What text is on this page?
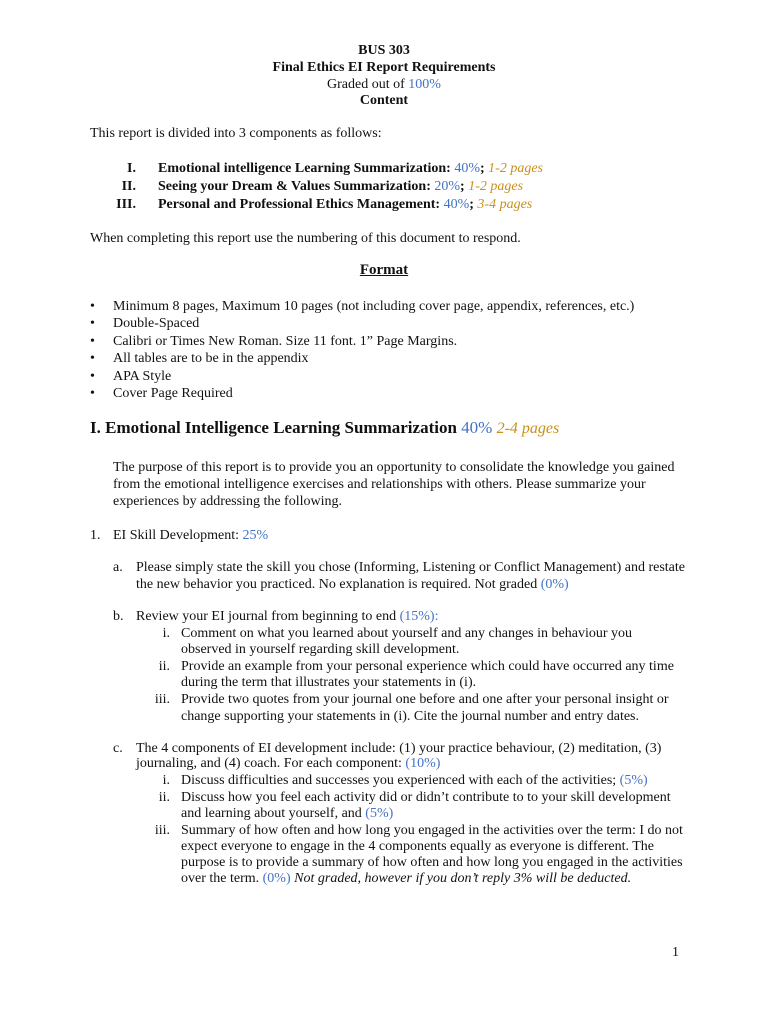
BUS 303
Final Ethics EI Report Requirements
Graded out of 100%
Content
This report is divided into 3 components as follows:
I. Emotional intelligence Learning Summarization: 40%; 1-2 pages
II. Seeing your Dream & Values Summarization: 20%; 1-2 pages
III. Personal and Professional Ethics Management: 40%; 3-4 pages
When completing this report use the numbering of this document to respond.
Format
• Minimum 8 pages, Maximum 10 pages (not including cover page, appendix, references, etc.)
• Double-Spaced
• Calibri or Times New Roman. Size 11 font. 1” Page Margins.
• All tables are to be in the appendix
• APA Style
• Cover Page Required
I. Emotional Intelligence Learning Summarization 40% 2-4 pages
The purpose of this report is to provide you an opportunity to consolidate the knowledge you gained
from the emotional intelligence exercises and relationships with others. Please summarize your
experiences by addressing the following.
1. EI Skill Development: 25%
a. Please simply state the skill you chose (Informing, Listening or Conflict Management) and restate
the new behavior you practiced. No explanation is required. Not graded (0%)
b. Review your EI journal from beginning to end (15%):
i. Comment on what you learned about yourself and any changes in behaviour you
observed in yourself regarding skill development.
ii. Provide an example from your personal experience which could have occurred any time
during the term that illustrates your statements in (i).
iii. Provide two quotes from your journal one before and one after your personal insight or
change supporting your statements in (i). Cite the journal number and entry dates.
c. The 4 components of EI development include: (1) your practice behaviour, (2) meditation, (3)
journaling, and (4) coach. For each component: (10%)
i. Discuss difficulties and successes you experienced with each of the activities; (5%)
ii. Discuss how you feel each activity did or didn’t contribute to to your skill development
and learning about yourself, and (5%)
iii. Summary of how often and how long you engaged in the activities over the term: I do not
expect everyone to engage in the 4 components equally as everyone is different. The
purpose is to provide a summary of how often and how long you engaged in the activities
over the term. (0%) Not graded, however if you don’t reply 3% will be deducted.
1
